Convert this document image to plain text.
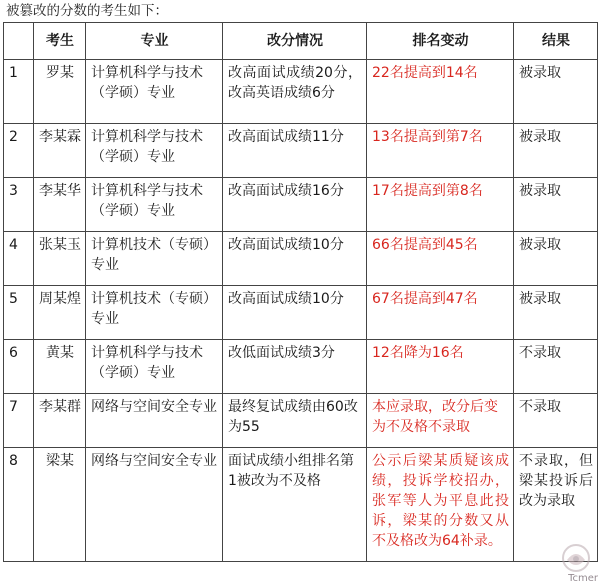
被篡改的分数的考生如下：
	考生	专业	改分情况	排名变动	结果
1	罗某	计算机科学与技术（学硕）专业	改高面试成绩20分，改高英语成绩6分	22名提高到14名	被录取
2	李某霖	计算机科学与技术（学硕）专业	改高面试成绩11分	13名提高到第7名	被录取
3	李某华	计算机科学与技术（学硕）专业	改高面试成绩16分	17名提高到第8名	被录取
4	张某玉	计算机技术（专硕）专业	改高面试成绩10分	66名提高到45名	被录取
5	周某煌	计算机技术（专硕）专业	改高面试成绩10分	67名提高到47名	被录取
6	黄某	计算机科学与技术（学硕）专业	改低面试成绩3分	12名降为16名	不录取
7	李某群	网络与空间安全专业	最终复试成绩由60改为55	本应录取，改分后变为不及格不录取	不录取
8	梁某	网络与空间安全专业	面试成绩小组排名第1被改为不及格	公示后梁某质疑该成绩，投诉学校招办，张军等人为平息此投诉，梁某的分数又从不及格改为64补录。	不录取，但梁某投诉后改为录取
Tcmer
